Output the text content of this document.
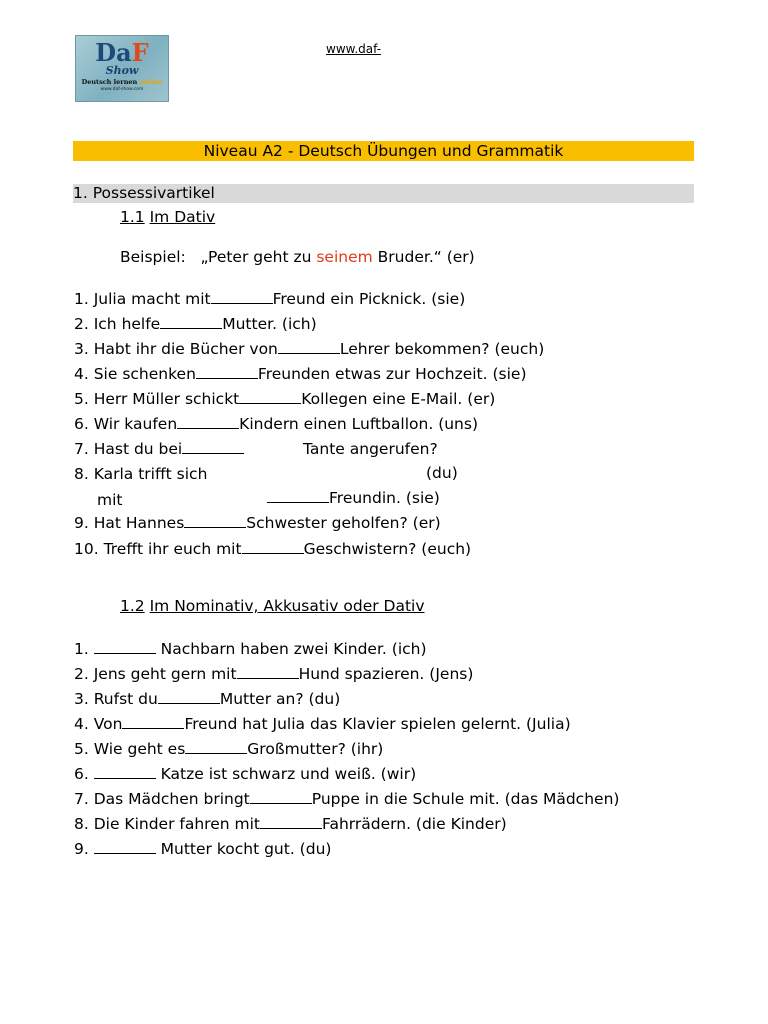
DaF
Show
Deutsch lernen online
www.daf-show.com
www.daf-
Niveau A2 - Deutsch Übungen und Grammatik
1. Possessivartikel
1.1 Im Dativ
Beispiel: „Peter geht zu seinem Bruder.“ (er)
1. Julia macht mit	Freund ein Picknick. (sie)
2. Ich helfe	Mutter. (ich)
3. Habt ihr die Bücher von	Lehrer bekommen? (euch)
4. Sie schenken	Freunden etwas zur Hochzeit. (sie)
5. Herr Müller schickt	Kollegen eine E-Mail. (er)
6. Wir kaufen	Kindern einen Luftballon. (uns)
7. Hast du bei	Tante angerufen?
8. Karla trifft sich	(du)
mit	Freundin. (sie)
9. Hat Hannes	Schwester geholfen? (er)
10. Trefft ihr euch mit	Geschwistern? (euch)
1.2 Im Nominativ, Akkusativ oder Dativ
1.	Nachbarn haben zwei Kinder. (ich)
2. Jens geht gern mit	Hund spazieren. (Jens)
3. Rufst du	Mutter an? (du)
4. Von	Freund hat Julia das Klavier spielen gelernt. (Julia)
5. Wie geht es	Großmutter? (ihr)
6.	Katze ist schwarz und weiß. (wir)
7. Das Mädchen bringt	Puppe in die Schule mit. (das Mädchen)
8. Die Kinder fahren mit	Fahrrädern. (die Kinder)
9.	Mutter kocht gut. (du)
